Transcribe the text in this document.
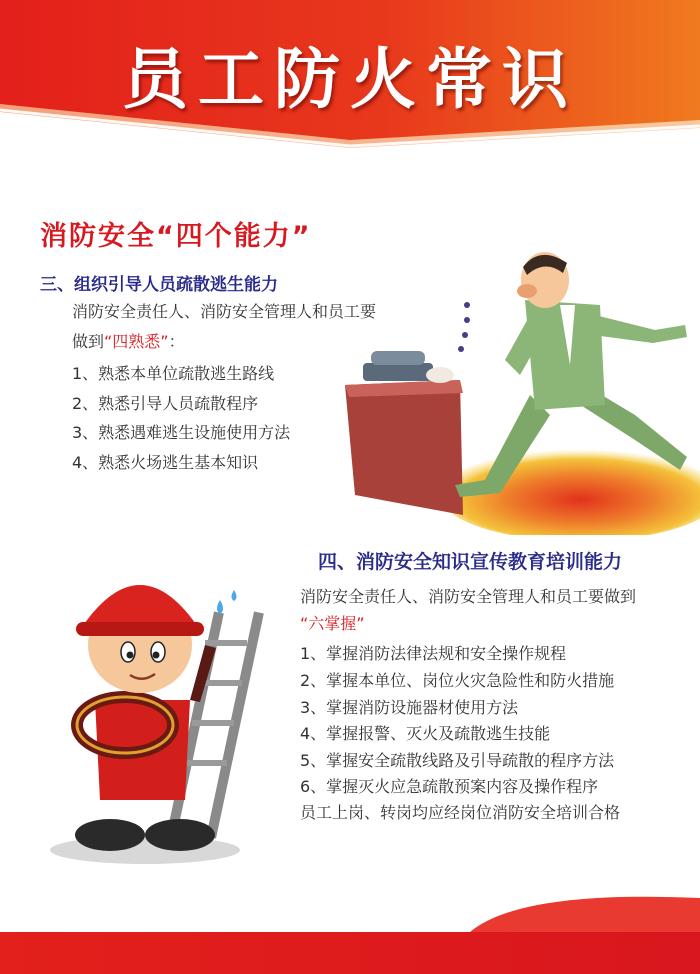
员工防火常识
消防安全“四个能力”
三、组织引导人员疏散逃生能力
消防安全责任人、消防安全管理人和员工要
做到“四熟悉”：
1、熟悉本单位疏散逃生路线
2、熟悉引导人员疏散程序
3、熟悉遇难逃生设施使用方法
4、熟悉火场逃生基本知识
四、消防安全知识宣传教育培训能力
消防安全责任人、消防安全管理人和员工要做到
“六掌握”
1、掌握消防法律法规和安全操作规程
2、掌握本单位、岗位火灾急险性和防火措施
3、掌握消防设施器材使用方法
4、掌握报警、灭火及疏散逃生技能
5、掌握安全疏散线路及引导疏散的程序方法
6、掌握灭火应急疏散预案内容及操作程序
员工上岗、转岗均应经岗位消防安全培训合格
